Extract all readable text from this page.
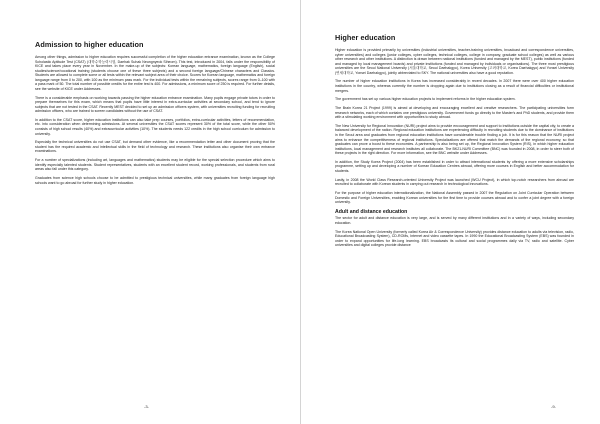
Admission to higher education

Among other things, admission to higher education requires successful completion of the higher education entrance examination, known as the College Scholastic Aptitude Test (CSAT) (대학수학능력시험, Daehak Suhak Neungnyeok Siheom). This test, introduced in 2004, falls under the responsibility of KICE and takes place every year in November. In the make-up of the subjects: Korean language, mathematics, foreign language (English), social studies/science/vocational training (students choose one of these three subjects) and a second foreign language/Chinese characters and Classics. Students are allowed to complete some or all tests within the relevant subject area of their choice. Scores for Korean language, mathematics and foreign language range from 0 to 200, with 100 as the minimum pass mark. For the individual tests within the remaining subjects, scores range from 0–100 with a pass mark of 50. The total number of possible credits for the entire test is 400. For admissions, a minimum score of 250 is required. For further details, see the website of KICE under Addresses.

There is a considerable emphasis on working towards passing the higher education entrance examination. Many pupils engage private tutors in order to prepare themselves for this exam, which means that pupils have little interest in extra-curricular activities at secondary school, and tend to ignore subjects that are not tested in the CSAT. Recently MEST decided to set up an admission officers system, with universities recruiting funding for recruiting admission officers, who are trained to screen candidates without the use of CSAT.

In addition to the CSAT score, higher education institutions can also take prep courses, portfolios, extra-curricular activities, letters of recommendation, etc. into consideration when determining admissions. At several universities the CSAT scores represent 30% of the total score, while the other 50% consists of high school results (40%) and extracurricular activities (10%). The students needs 122 credits in the high school curriculum for admission to university.

Especially the technical universities do not use CSAT, but demand other evidence, like a recommendation letter and other document proving that the student has the required academic and intellectual skills in the field of technology and research. These institutions also organise their own entrance examinations.

For a number of specializations (including art, languages and mathematics) students may be eligible for the special selection procedure which aims to identify especially talented students. Student representatives, students with an excellent student record, working professionals, and students from rural areas also fall under this category.

Graduates from science high schools choose to be admitted to prestigious technical universities, while many graduates from foreign language high schools want to go abroad for further study in higher education.

-3-
Higher education

Higher education is provided primarily by universities (industrial universities, teacher-training universities, broadcast and correspondence universities, cyber universities) and colleges (junior colleges, cyber colleges, technical colleges, college in company, graduate school colleges) as well as various other research and other institutions. A distinction is drawn between national institutions (funded and managed by the MEST), public institutions (funded and managed by local management boards) and private institutions (funded and managed by individuals or organisations). The three most prestigious universities are the Seoul National University (서울대학교, Seoul Daehakgyo), Korea University (고려대학교, Korea Daehakgyo) and Yonsei University (연세대학교, Yonsei Daehakgyo), jointly abbreviated to SKY. The national universities also have a good reputation.

The number of higher education institutions in Korea has increased considerably in recent decades. In 2007 there were over 400 higher education institutions in the country, whereas currently the number is dropping again due to institutions closing as a result of financial difficulties or institutional mergers.

The government has set up various higher education projects to implement reforms in the higher education system.

The Brain Korea 21 Project (1999) is aimed at developing and encouraging excellent and creative researchers. The participating universities form research networks, each of which contains one prestigious university. Government funds go directly to the Master's and PhD students, and provide them with a stimulating working environment with opportunities to study abroad.

The New University for Regional Innovation (NURI) project aims to provide encouragement and support to institutions outside the capital city, to create a balanced development of the nation. Regional education institutions are experiencing difficulty in recruiting students due to the dominance of institutions in the Seoul area and graduates from regional education institutions have considerable trouble finding a job. It is for this reason that the NURI project aims to enhance the competitiveness of regional institutions. Specializations are offered that match the demands of the regional economy, so that graduates can prove a boost to these economies. A partnership is also being set up, the Regional Innovation System (RIS), in which higher education institutions, local management and research institutes all collaborate. The BK21-NURI Committee (BNC) was founded in 2008, in order to steer both of these projects in the right direction. For more information, see the BNC website under Addresses.

In addition, the Study Korea Project (2004) has been established in order to attract international students by offering a more extensive scholarships programme, setting up and developing a number of Korean Education Centres abroad, offering more courses in English and better accommodation for students.

Lastly, in 2008 the World Class Research-oriented University Project was launched (WCU Project), in which top-notch researchers from abroad are recruited to collaborate with Korean students in carrying out research in technological innovations.

For the purpose of higher education internationalization, the National Assembly passed in 2007 the Regulation on Joint Curricular Operation between Domestic and Foreign Universities, enabling Korean universities for the first time to provide courses abroad and to confer a joint degree with a foreign university.

Adult and distance education

The sector for adult and distance education is very large, and is served by many different institutions and in a variety of ways, including secondary education.

The Korea National Open University (formerly called Korea Air & Correspondence University) provides distance education to adults via television, radio, Educational Broadcasting System), CD-ROMs, Internet and video cassette tapes. In 1990 the Educational Broadcasting System (EBS) was founded in order to expand opportunities for life-long learning. EBS broadcasts its cultural and social programmes daily via TV, radio and satellite. Cyber universities and digital colleges provide distance

-9-
